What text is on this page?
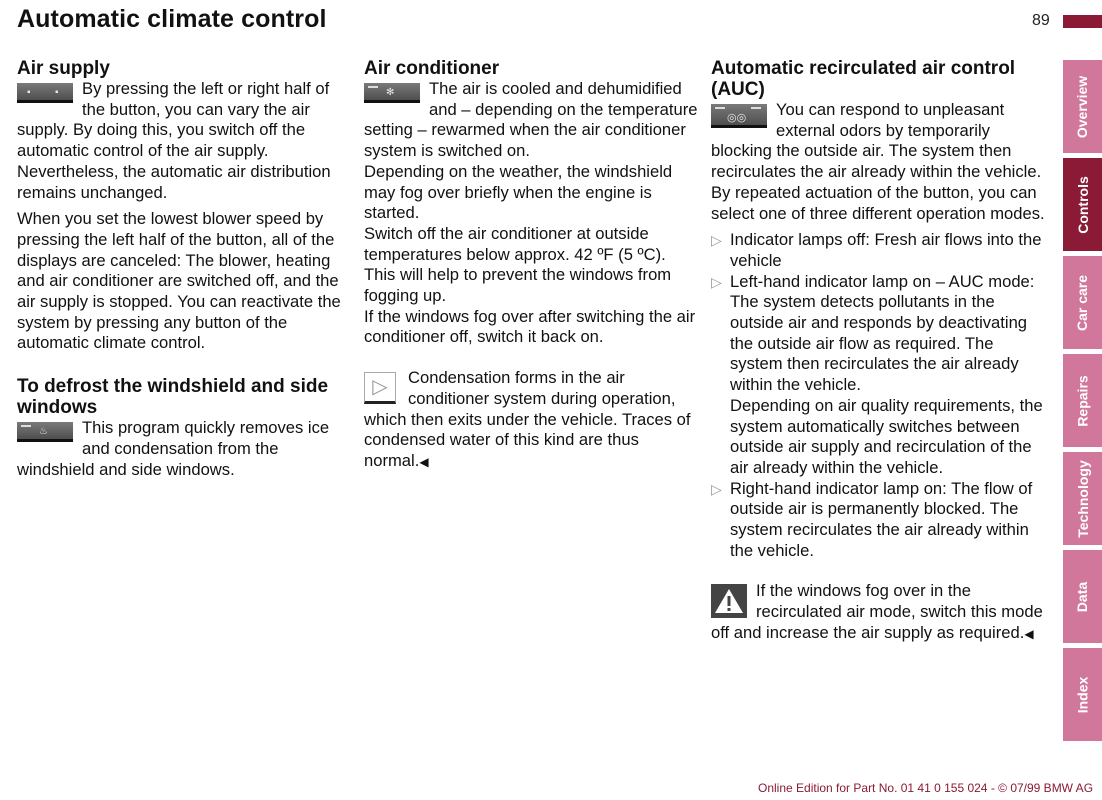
Automatic climate control	89
Air supply
▪ ▪	By pressing the left or right half of the button, you can vary the air supply. By doing this, you switch off the automatic control of the air supply. Nevertheless, the automatic air distribution remains unchanged.

When you set the lowest blower speed by pressing the left half of the button, all of the displays are canceled: The blower, heating and air conditioner are switched off, and the air supply is stopped. You can reactivate the system by pressing any button of the automatic climate control.

To defrost the windshield and side windows
♨	This program quickly removes ice and condensation from the windshield and side windows.

Air conditioner
✻	The air is cooled and dehumidified and – depending on the temperature setting – rewarmed when the air conditioner system is switched on.

Depending on the weather, the windshield may fog over briefly when the engine is started.

Switch off the air conditioner at outside temperatures below approx. 42 ºF (5 ºC). This will help to prevent the windows from fogging up.

If the windows fog over after switching the air conditioner off, switch it back on.

▷	Condensation forms in the air conditioner system during operation, which then exits under the vehicle. Traces of condensed water of this kind are thus normal.◀

Automatic recirculated air control (AUC)
◎◎	You can respond to unpleasant external odors by temporarily blocking the outside air. The system then recirculates the air already within the vehicle. By repeated actuation of the button, you can select one of three different operation modes.

▷ Indicator lamps off: Fresh air flows into the vehicle
▷ Left-hand indicator lamp on – AUC mode: The system detects pollutants in the outside air and responds by deactivating the outside air flow as required. The system then recirculates the air already within the vehicle.

Depending on air quality requirements, the system automatically switches between outside air supply and recirculation of the air already within the vehicle.

▷ Right-hand indicator lamp on: The flow of outside air is permanently blocked. The system recirculates the air already within the vehicle.

If the windows fog over in the recirculated air mode, switch this mode off and increase the air supply as required.◀

Overview
Controls
Car care
Repairs
Technology
Data
Index
Online Edition for Part No. 01 41 0 155 024 - © 07/99 BMW AG
